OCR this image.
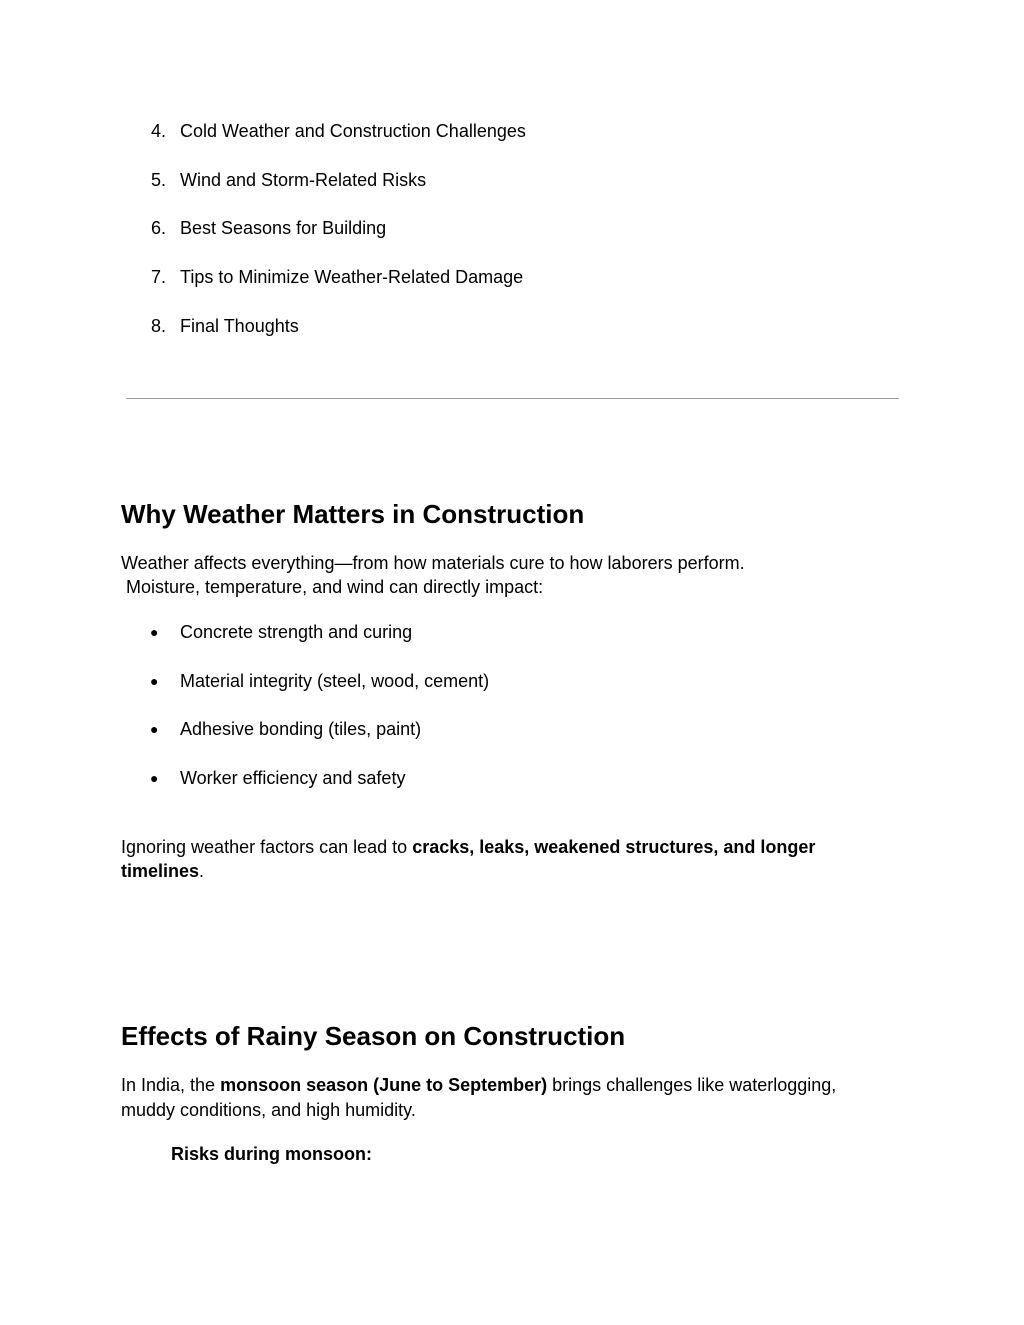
4. Cold Weather and Construction Challenges
5. Wind and Storm-Related Risks
6. Best Seasons for Building
7. Tips to Minimize Weather-Related Damage
8. Final Thoughts
Why Weather Matters in Construction
Weather affects everything—from how materials cure to how laborers perform.
Moisture, temperature, and wind can directly impact:
● Concrete strength and curing
● Material integrity (steel, wood, cement)
● Adhesive bonding (tiles, paint)
● Worker efficiency and safety
Ignoring weather factors can lead to cracks, leaks, weakened structures, and longer
timelines.
Effects of Rainy Season on Construction
In India, the monsoon season (June to September) brings challenges like waterlogging,
muddy conditions, and high humidity.
Risks during monsoon:
